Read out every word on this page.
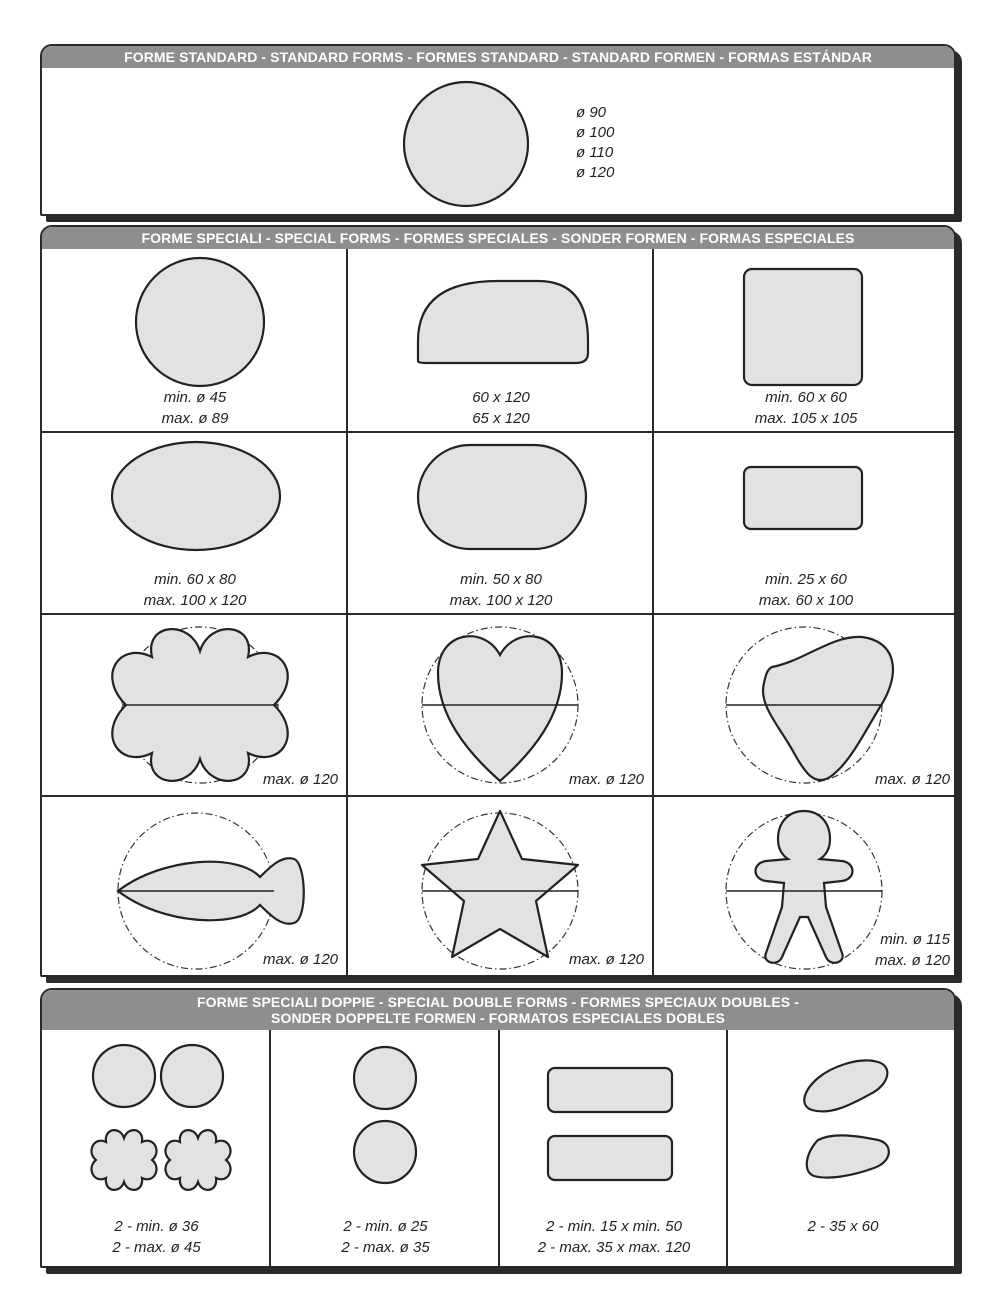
FORME STANDARD - STANDARD FORMS - FORMES STANDARD - STANDARD FORMEN - FORMAS ESTÁNDAR
ø 90
ø 100
ø 110
ø 120
FORME SPECIALI - SPECIAL FORMS - FORMES SPECIALES - SONDER FORMEN - FORMAS ESPECIALES
min. ø 45
max. ø 89
60 x 120
65 x 120
min. 60 x 60
max. 105 x 105
min. 60 x 80
max. 100 x 120
min. 50 x 80
max. 100 x 120
min. 25 x 60
max. 60 x 100
max. ø 120	max. ø 120	max. ø 120
max. ø 120	max. ø 120
min. ø 115
max. ø 120
FORME SPECIALI DOPPIE - SPECIAL DOUBLE FORMS - FORMES SPECIAUX DOUBLES -
SONDER DOPPELTE FORMEN - FORMATOS ESPECIALES DOBLES
2 - min. ø 36
2 - max. ø 45
2 - min. ø 25
2 - max. ø 35
2 - min. 15 x min. 50
2 - max. 35 x max. 120
2 - 35 x 60
